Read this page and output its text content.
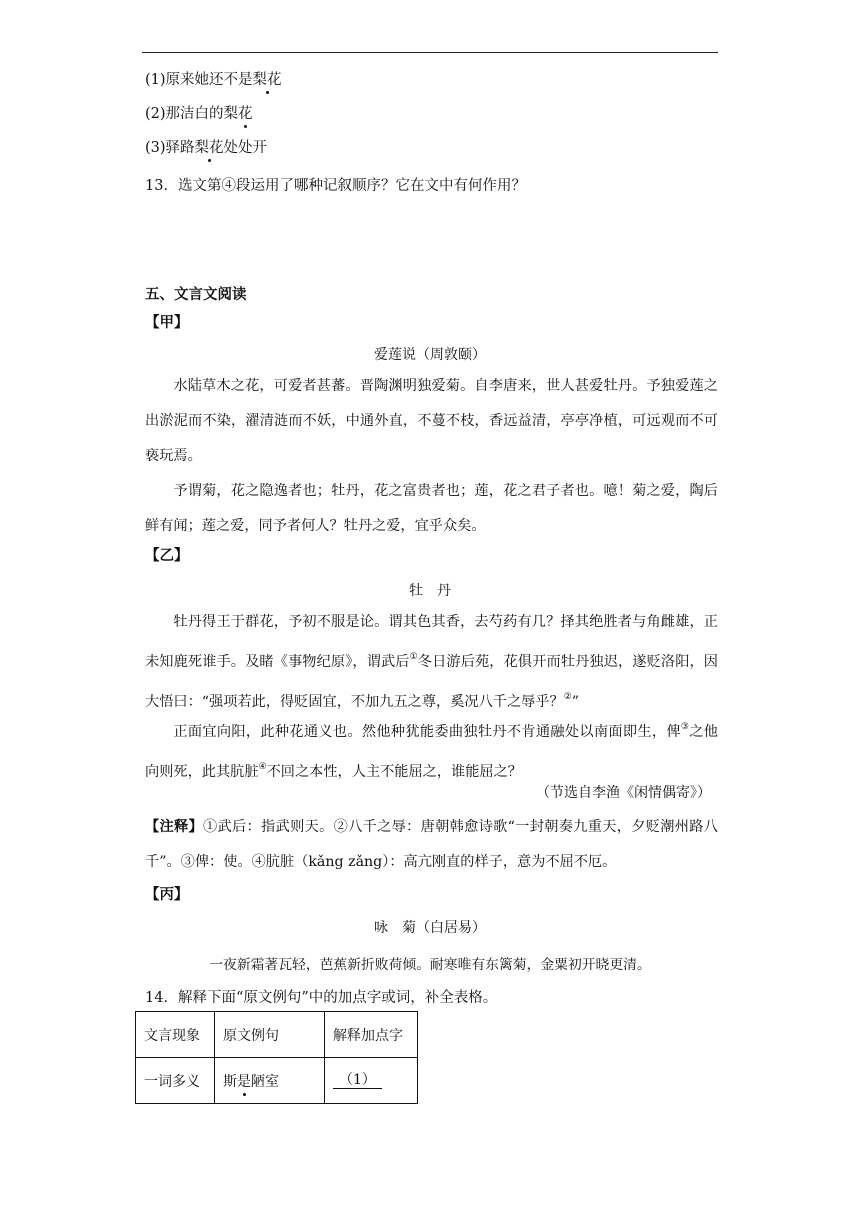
(1)原来她还不是梨花
(2)那洁白的梨花
(3)驿路梨花处处开
13．选文第④段运用了哪种记叙顺序？它在文中有何作用？
五、文言文阅读
【甲】
爱莲说（周敦颐）
水陆草木之花，可爱者甚蕃。晋陶渊明独爱菊。自李唐来，世人甚爱牡丹。予独爱莲之出淤泥而不染，濯清涟而不妖，中通外直，不蔓不枝，香远益清，亭亭净植，可远观而不可亵玩焉。
予谓菊，花之隐逸者也；牡丹，花之富贵者也；莲，花之君子者也。噫！菊之爱，陶后鲜有闻；莲之爱，同予者何人？牡丹之爱，宜乎众矣。
【乙】
牡　丹
牡丹得王于群花，予初不服是论。谓其色其香，去芍药有几？择其绝胜者与角雌雄，正未知鹿死谁手。及睹《事物纪原》，谓武后①冬日游后苑，花俱开而牡丹独迟，遂贬洛阳，因大悟曰：“强项若此，得贬固宜，不加九五之尊，奚况八千之辱乎？②”
正面宜向阳，此种花通义也。然他种犹能委曲独牡丹不肯通融处以南面即生，俾③之他向则死，此其肮脏④不回之本性，人主不能屈之，谁能屈之？
（节选自李渔《闲情偶寄》）
【注释】①武后：指武则天。②八千之辱：唐朝韩愈诗歌“一封朝奏九重天，夕贬潮州路八千”。③俾：使。④肮脏（kǎng zǎng）：高亢刚直的样子，意为不屈不厄。
【丙】
咏　菊（白居易）
一夜新霜著瓦轻，芭蕉新折败荷倾。耐寒唯有东篱菊，金粟初开晓更清。
14．解释下面“原文例句”中的加点字或词，补全表格。
文言现象	原文例句	解释加点字
一词多义	斯是陋室	（1）
